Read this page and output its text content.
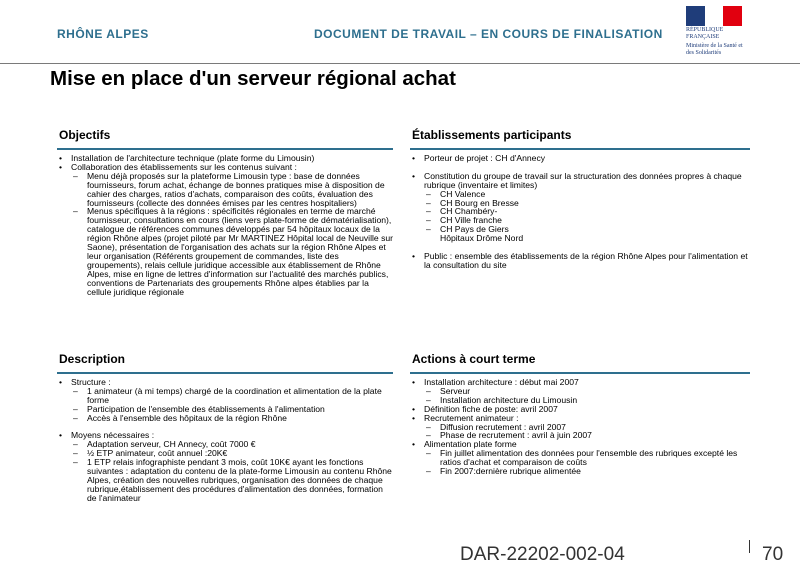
RHÔNE ALPES	DOCUMENT DE TRAVAIL – EN COURS DE FINALISATION	RÉPUBLIQUE FRANÇAISE
Ministère de la Santé et des Solidarités
Mise en place d'un serveur régional achat
Objectifs
• Installation de l'architecture technique (plate forme du Limousin)
• Collaboration des établissements sur les contenus suivant :
– Menu déjà proposés sur la plateforme Limousin type : base de données fournisseurs, forum achat, échange de bonnes pratiques mise à disposition de cahier des charges, ratios d'achats, comparaison des coûts, évaluation des fournisseurs (collecte des données émises par les centres hospitaliers)
– Menus spécifiques à la régions : spécificités régionales en terme de marché fournisseur, consultations en cours (liens vers plate-forme de dématérialisation), catalogue de références communes développés par 54 hôpitaux locaux de la région Rhône alpes (projet piloté par Mr MARTINEZ Hôpital local de Neuville sur Saone), présentation de l'organisation des achats sur la région Rhône Alpes et leur organisation (Référents groupement de commandes, liste des groupements), relais cellule juridique accessible aux établissement de Rhône Alpes, mise en ligne de lettres d'information sur l'actualité des marchés publics, conventions de Partenariats des groupements Rhône alpes établies par la cellule juridique régionale
Établissements participants
• Porteur de projet : CH d'Annecy
• Constitution du groupe de travail sur la structuration des données propres à chaque rubrique (inventaire et limites)
– CH Valence
– CH Bourg en Bresse
– CH Chambéry-
– CH Ville franche
– CH Pays de Giers
Hôpitaux Drôme Nord
• Public : ensemble des établissements de la région Rhône Alpes pour l'alimentation et la consultation du site
Description
• Structure :
– 1 animateur (à mi temps) chargé de la coordination et alimentation de la plate forme
– Participation de l'ensemble des établissements à l'alimentation
– Accès à l'ensemble des hôpitaux de la région Rhône
• Moyens nécessaires :
– Adaptation serveur, CH Annecy, coût 7000 €
– ½ ETP animateur, coût annuel :20K€
– 1 ETP relais infographiste pendant 3 mois, coût 10K€ ayant les fonctions suivantes : adaptation du contenu de la plate-forme Limousin au contenu Rhône Alpes, création des nouvelles rubriques, organisation des données de chaque rubrique,établissement des procédures d'alimentation des données, formation de l'animateur
Actions à court terme
• Installation architecture : début mai 2007
– Serveur
– Installation architecture du Limousin
• Définition fiche de poste: avril 2007
• Recrutement animateur :
– Diffusion recrutement : avril 2007
– Phase de recrutement : avril à juin 2007
• Alimentation plate forme
– Fin juillet alimentation des données pour l'ensemble des rubriques excepté les ratios d'achat et comparaison de coûts
– Fin 2007:dernière rubrique alimentée
DAR-22202-002-04	70
